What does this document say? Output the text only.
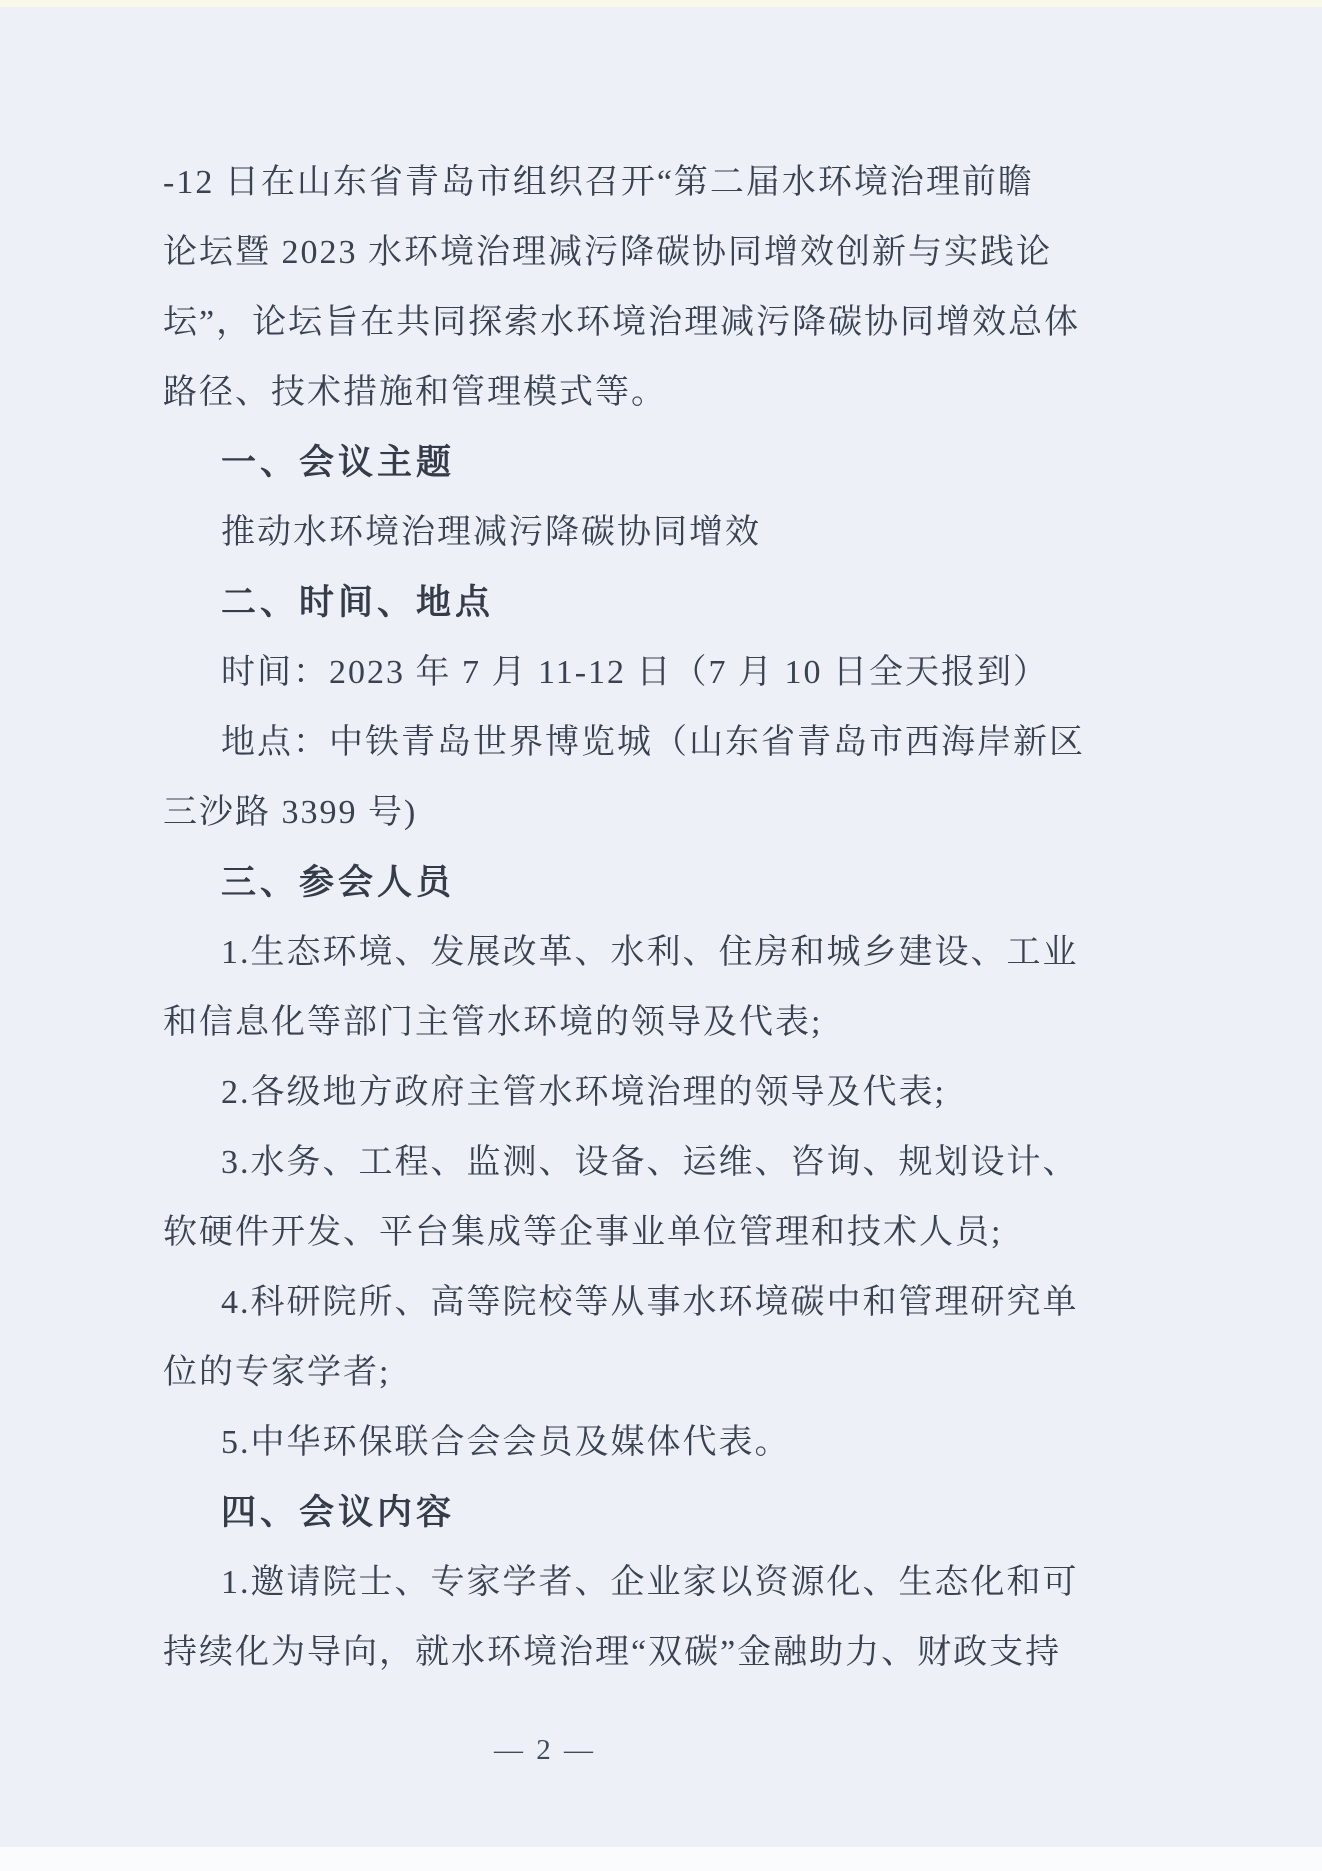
-12 日在山东省青岛市组织召开“第二届水环境治理前瞻
论坛暨 2023 水环境治理减污降碳协同增效创新与实践论
坛”，论坛旨在共同探索水环境治理减污降碳协同增效总体
路径、技术措施和管理模式等。
一、会议主题
推动水环境治理减污降碳协同增效
二、时间、地点
时间：2023 年 7 月 11-12 日（7 月 10 日全天报到）
地点：中铁青岛世界博览城（山东省青岛市西海岸新区
三沙路 3399 号)
三、参会人员
1.生态环境、发展改革、水利、住房和城乡建设、工业
和信息化等部门主管水环境的领导及代表;
2.各级地方政府主管水环境治理的领导及代表;
3.水务、工程、监测、设备、运维、咨询、规划设计、
软硬件开发、平台集成等企事业单位管理和技术人员;
4.科研院所、高等院校等从事水环境碳中和管理研究单
位的专家学者;
5.中华环保联合会会员及媒体代表。
四、会议内容
1.邀请院士、专家学者、企业家以资源化、生态化和可
持续化为导向，就水环境治理“双碳”金融助力、财政支持
— 2 —
